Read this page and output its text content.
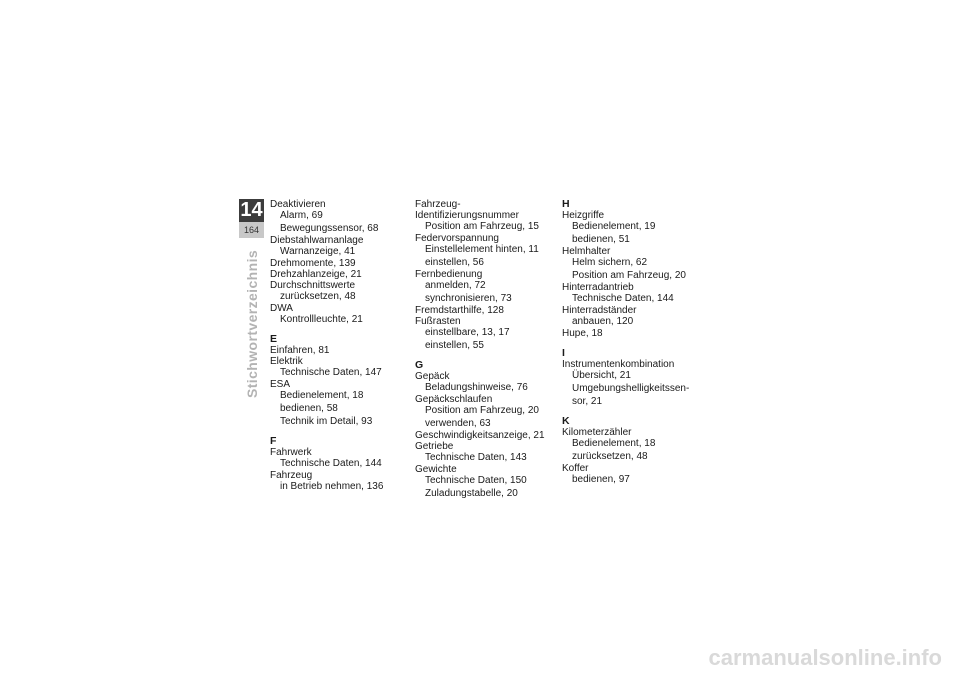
14
164
Stichwortverzeichnis
Deaktivieren
Alarm, 69
Bewegungssensor, 68
Diebstahlwarnanlage
Warnanzeige, 41
Drehmomente, 139
Drehzahlanzeige, 21
Durchschnittswerte
zurücksetzen, 48
DWA
Kontrollleuchte, 21
E
Einfahren, 81
Elektrik
Technische Daten, 147
ESA
Bedienelement, 18
bedienen, 58
Technik im Detail, 93
F
Fahrwerk
Technische Daten, 144
Fahrzeug
in Betrieb nehmen, 136
Fahrzeug-Identifizierungsnummer
Position am Fahrzeug, 15
Federvorspannung
Einstellelement hinten, 11
einstellen, 56
Fernbedienung
anmelden, 72
synchronisieren, 73
Fremdstarthilfe, 128
Fußrasten
einstellbare, 13, 17
einstellen, 55
G
Gepäck
Beladungshinweise, 76
Gepäckschlaufen
Position am Fahrzeug, 20
verwenden, 63
Geschwindigkeitsanzeige, 21
Getriebe
Technische Daten, 143
Gewichte
Technische Daten, 150
Zuladungstabelle, 20
H
Heizgriffe
Bedienelement, 19
bedienen, 51
Helmhalter
Helm sichern, 62
Position am Fahrzeug, 20
Hinterradantrieb
Technische Daten, 144
Hinterradständer
anbauen, 120
Hupe, 18
I
Instrumentenkombination
Übersicht, 21
Umgebungshelligkeitssen-
sor, 21
K
Kilometerzähler
Bedienelement, 18
zurücksetzen, 48
Koffer
bedienen, 97
carmanualsonline.info
